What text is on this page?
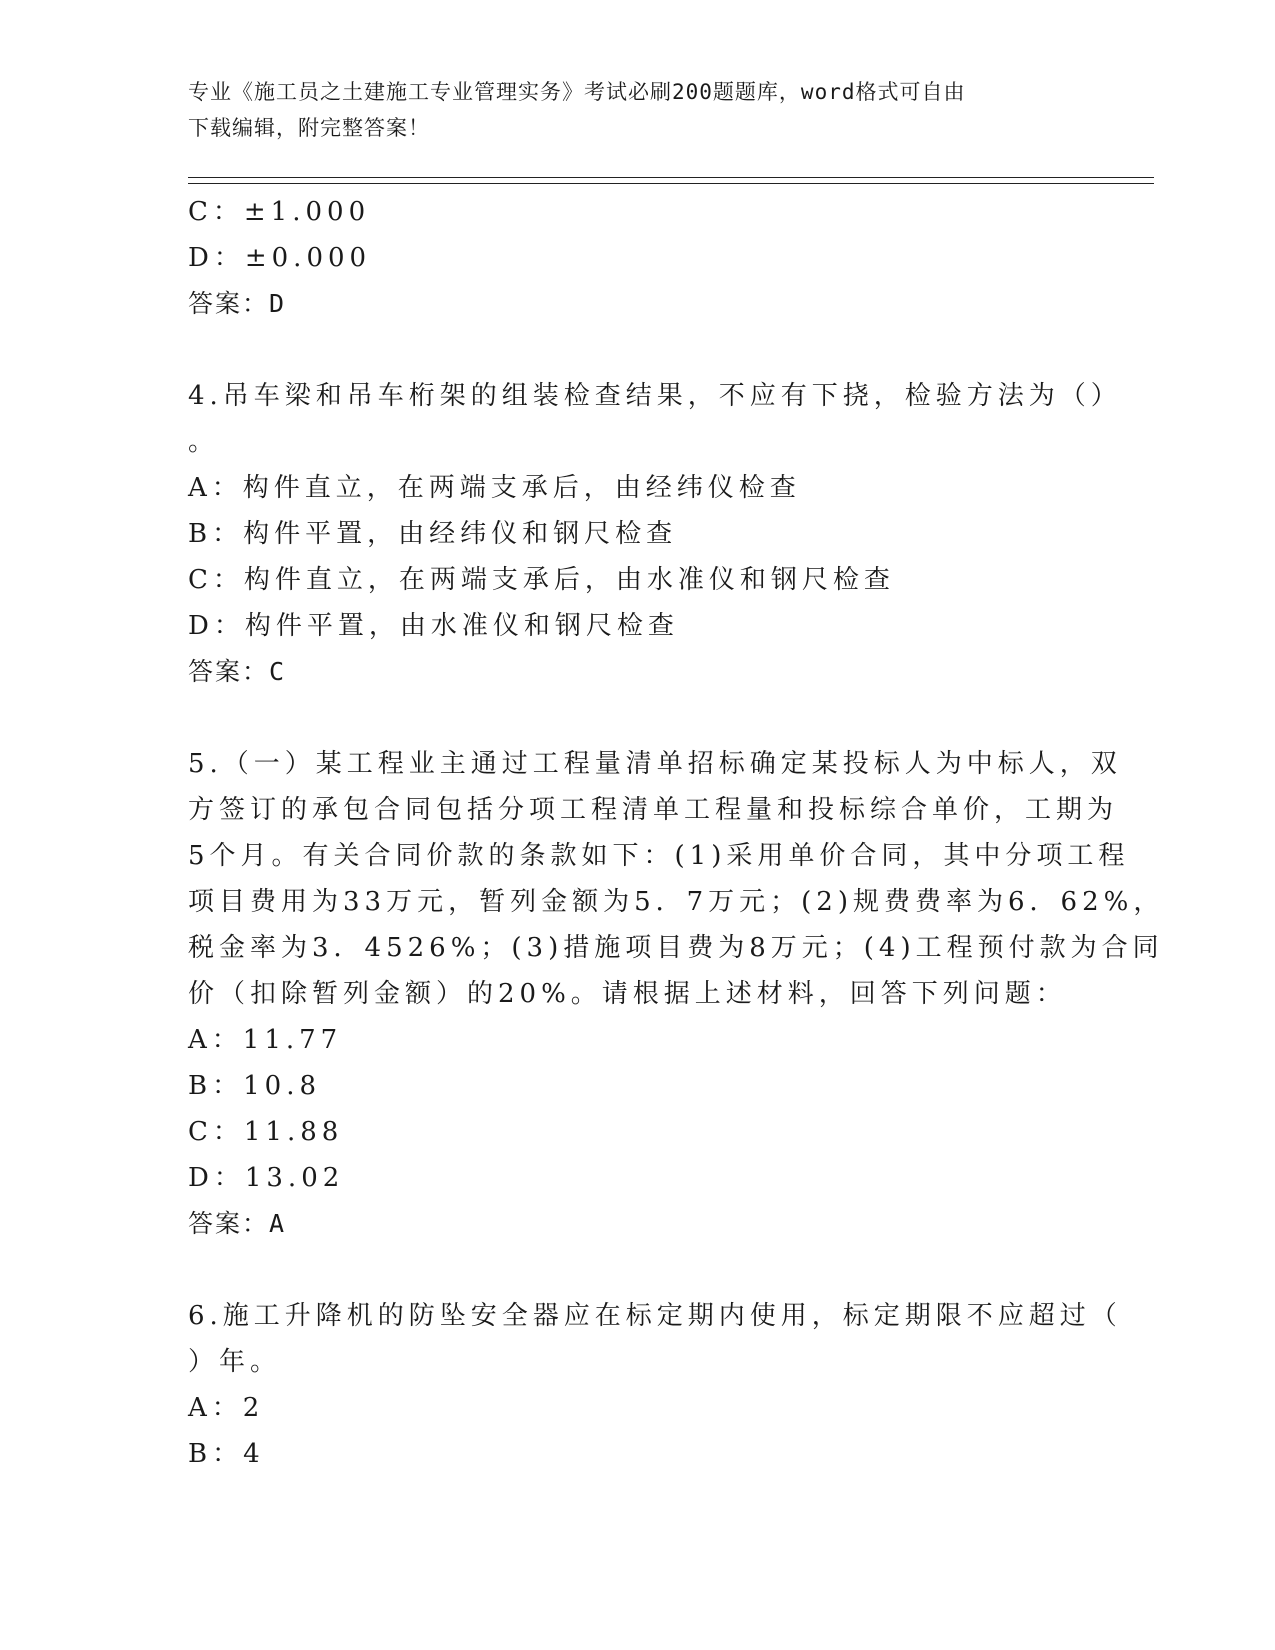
专业《施工员之土建施工专业管理实务》考试必刷200题题库，word格式可自由
下载编辑，附完整答案！
C：±1.000
D：±0.000
答案：D
4.吊车梁和吊车桁架的组装检查结果，不应有下挠，检验方法为（）
。
A：构件直立，在两端支承后，由经纬仪检查
B：构件平置，由经纬仪和钢尺检查
C：构件直立，在两端支承后，由水准仪和钢尺检查
D：构件平置，由水准仪和钢尺检查
答案：C
5.（一）某工程业主通过工程量清单招标确定某投标人为中标人，双
方签订的承包合同包括分项工程清单工程量和投标综合单价，工期为
5个月。有关合同价款的条款如下：(1)采用单价合同，其中分项工程
项目费用为33万元，暂列金额为5．7万元；(2)规费费率为6．62%，
税金率为3．4526%；(3)措施项目费为8万元；(4)工程预付款为合同
价（扣除暂列金额）的20%。请根据上述材料，回答下列问题：
A：11.77
B：10.8
C：11.88
D：13.02
答案：A
6.施工升降机的防坠安全器应在标定期内使用，标定期限不应超过（
）年。
A：2
B：4
